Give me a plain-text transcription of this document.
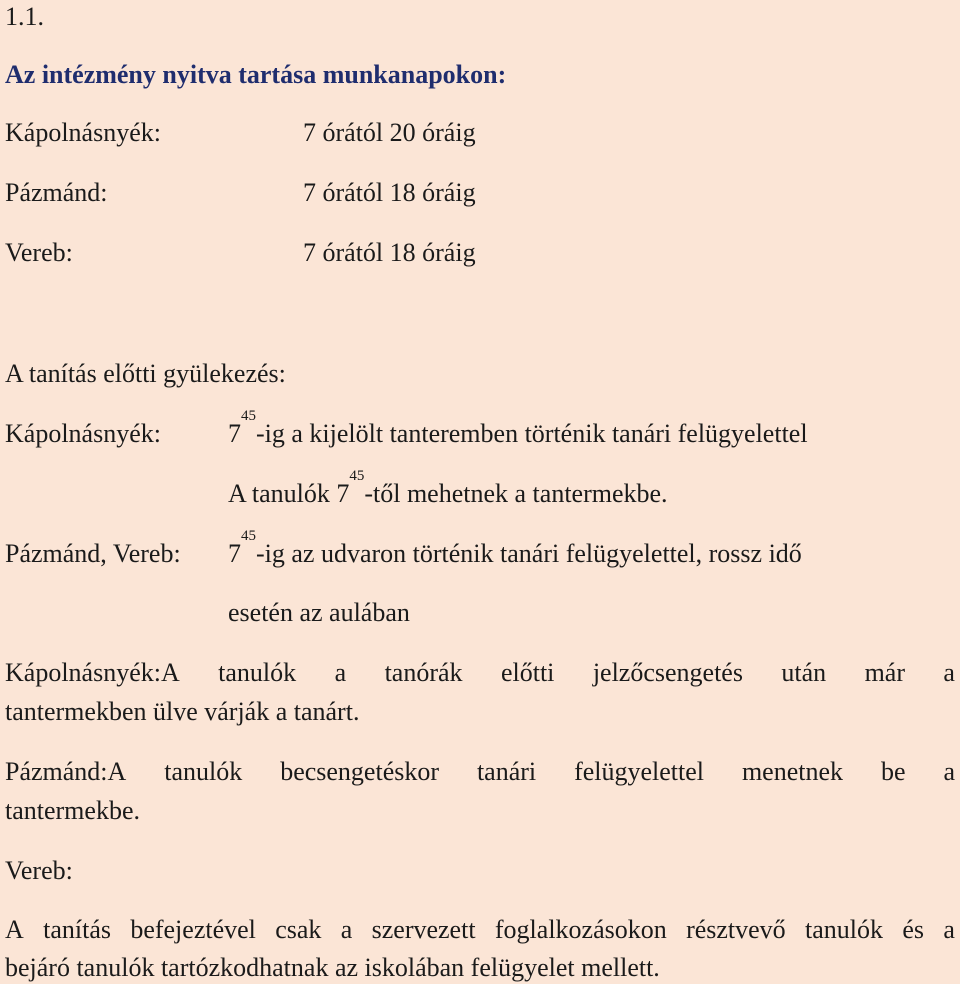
1.1.
Az intézmény nyitva tartása munkanapokon:
Kápolnásnyék:	7 órától 20 óráig
Pázmánd:	7 órától 18 óráig
Vereb:	7 órától 18 óráig
A tanítás előtti gyülekezés:
Kápolnásnyék:	$7^{45}-ig$ a kijelölt tanteremben történik tanári felügyelettel
A tanulók $7^{45}$-től mehetnek a tantermekbe.
Pázmánd, Vereb: $7^{45}-ig$ az udvaron történik tanári felügyelettel, rossz idő
esetén az aulában
Kápolnásnyék:A tanulók a tanórák előtti jelzőcsengetés után már a
tantermekben ülve várják a tanárt.
Pázmánd:A tanulók becsengetéskor tanári felügyelettel menetnek be a
tantermekbe.
Vereb:
A tanítás befejeztével csak a szervezett foglalkozásokon résztvevő tanulók és a
bejáró tanulók tartózkodhatnak az iskolában felügyelet mellett.
